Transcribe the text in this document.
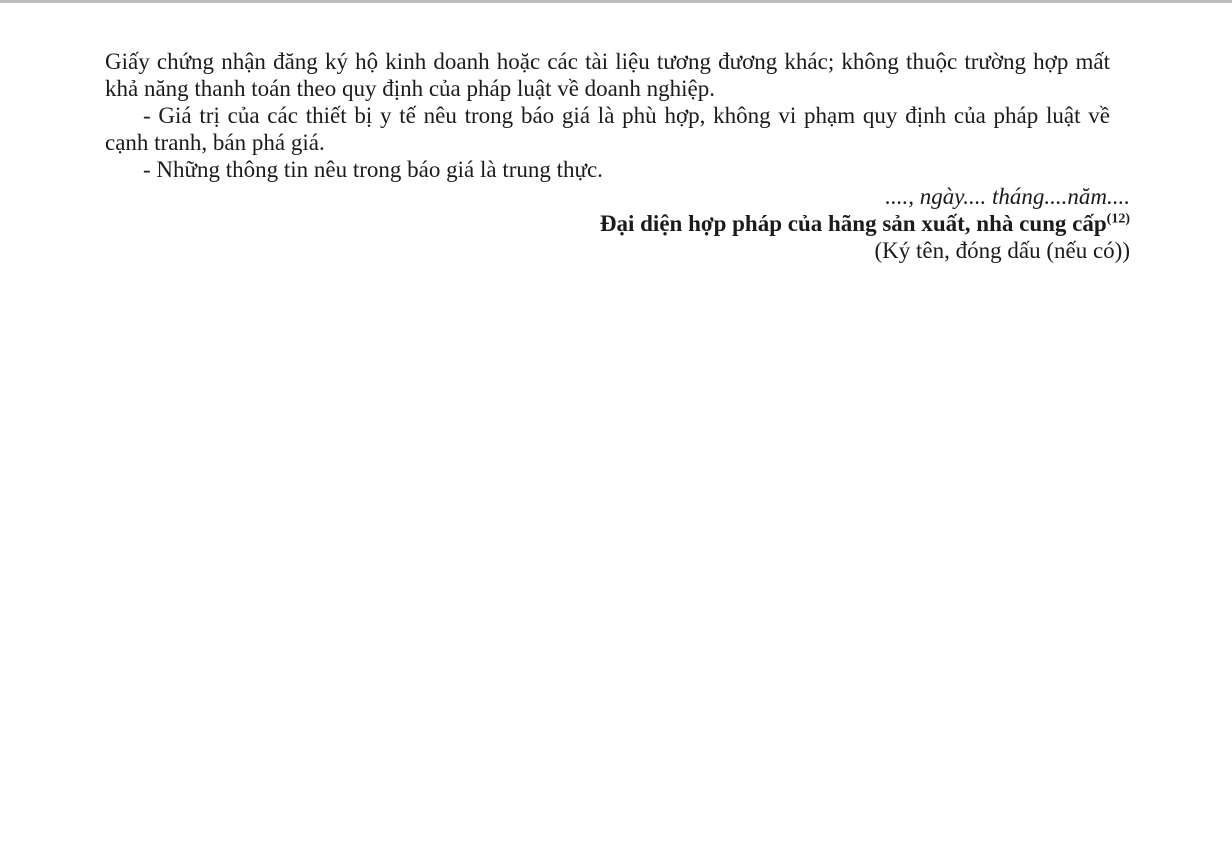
Giấy chứng nhận đăng ký hộ kinh doanh hoặc các tài liệu tương đương khác; không thuộc trường hợp mất khả năng thanh toán theo quy định của pháp luật về doanh nghiệp.

- Giá trị của các thiết bị y tế nêu trong báo giá là phù hợp, không vi phạm quy định của pháp luật về cạnh tranh, bán phá giá.

- Những thông tin nêu trong báo giá là trung thực.

...., ngày.... tháng....năm....
Đại diện hợp pháp của hãng sản xuất, nhà cung cấp$^{(12)}$
(Ký tên, đóng dấu (nếu có))
